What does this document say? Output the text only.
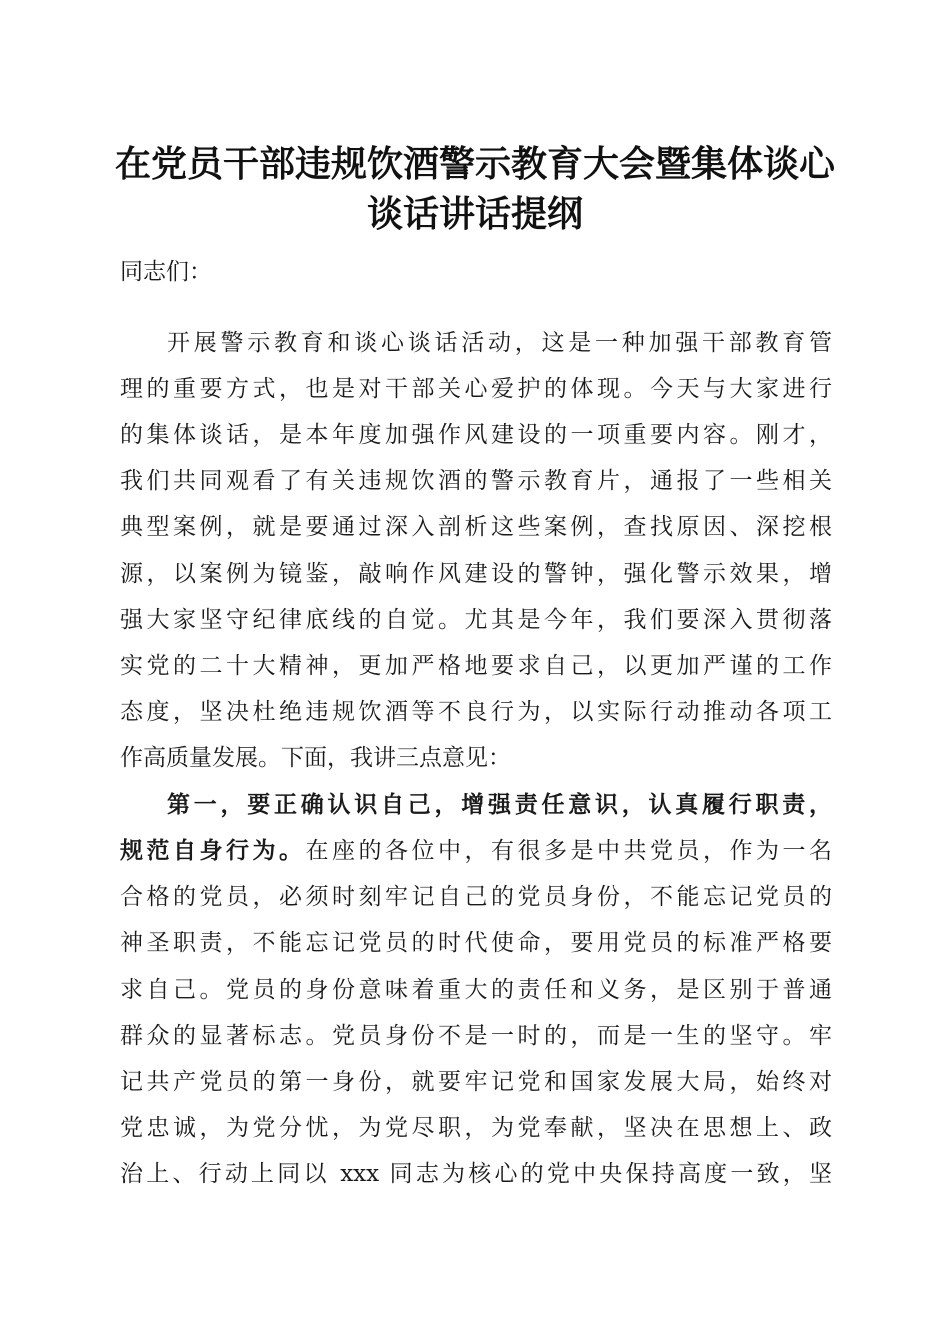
在党员干部违规饮酒警示教育大会暨集体谈心
谈话讲话提纲
同志们：
开展警示教育和谈心谈话活动，这是一种加强干部教育管
理的重要方式，也是对干部关心爱护的体现。今天与大家进行
的集体谈话，是本年度加强作风建设的一项重要内容。刚才，
我们共同观看了有关违规饮酒的警示教育片，通报了一些相关
典型案例，就是要通过深入剖析这些案例，查找原因、深挖根
源，以案例为镜鉴，敲响作风建设的警钟，强化警示效果，增
强大家坚守纪律底线的自觉。尤其是今年，我们要深入贯彻落
实党的二十大精神，更加严格地要求自己，以更加严谨的工作
态度，坚决杜绝违规饮酒等不良行为，以实际行动推动各项工
作高质量发展。下面，我讲三点意见：
第一，要正确认识自己，增强责任意识，认真履行职责，
规范自身行为。在座的各位中，有很多是中共党员，作为一名
合格的党员，必须时刻牢记自己的党员身份，不能忘记党员的
神圣职责，不能忘记党员的时代使命，要用党员的标准严格要
求自己。党员的身份意味着重大的责任和义务，是区别于普通
群众的显著标志。党员身份不是一时的，而是一生的坚守。牢
记共产党员的第一身份，就要牢记党和国家发展大局，始终对
党忠诚，为党分忧，为党尽职，为党奉献，坚决在思想上、政
治上、行动上同以 xxx 同志为核心的党中央保持高度一致，坚
